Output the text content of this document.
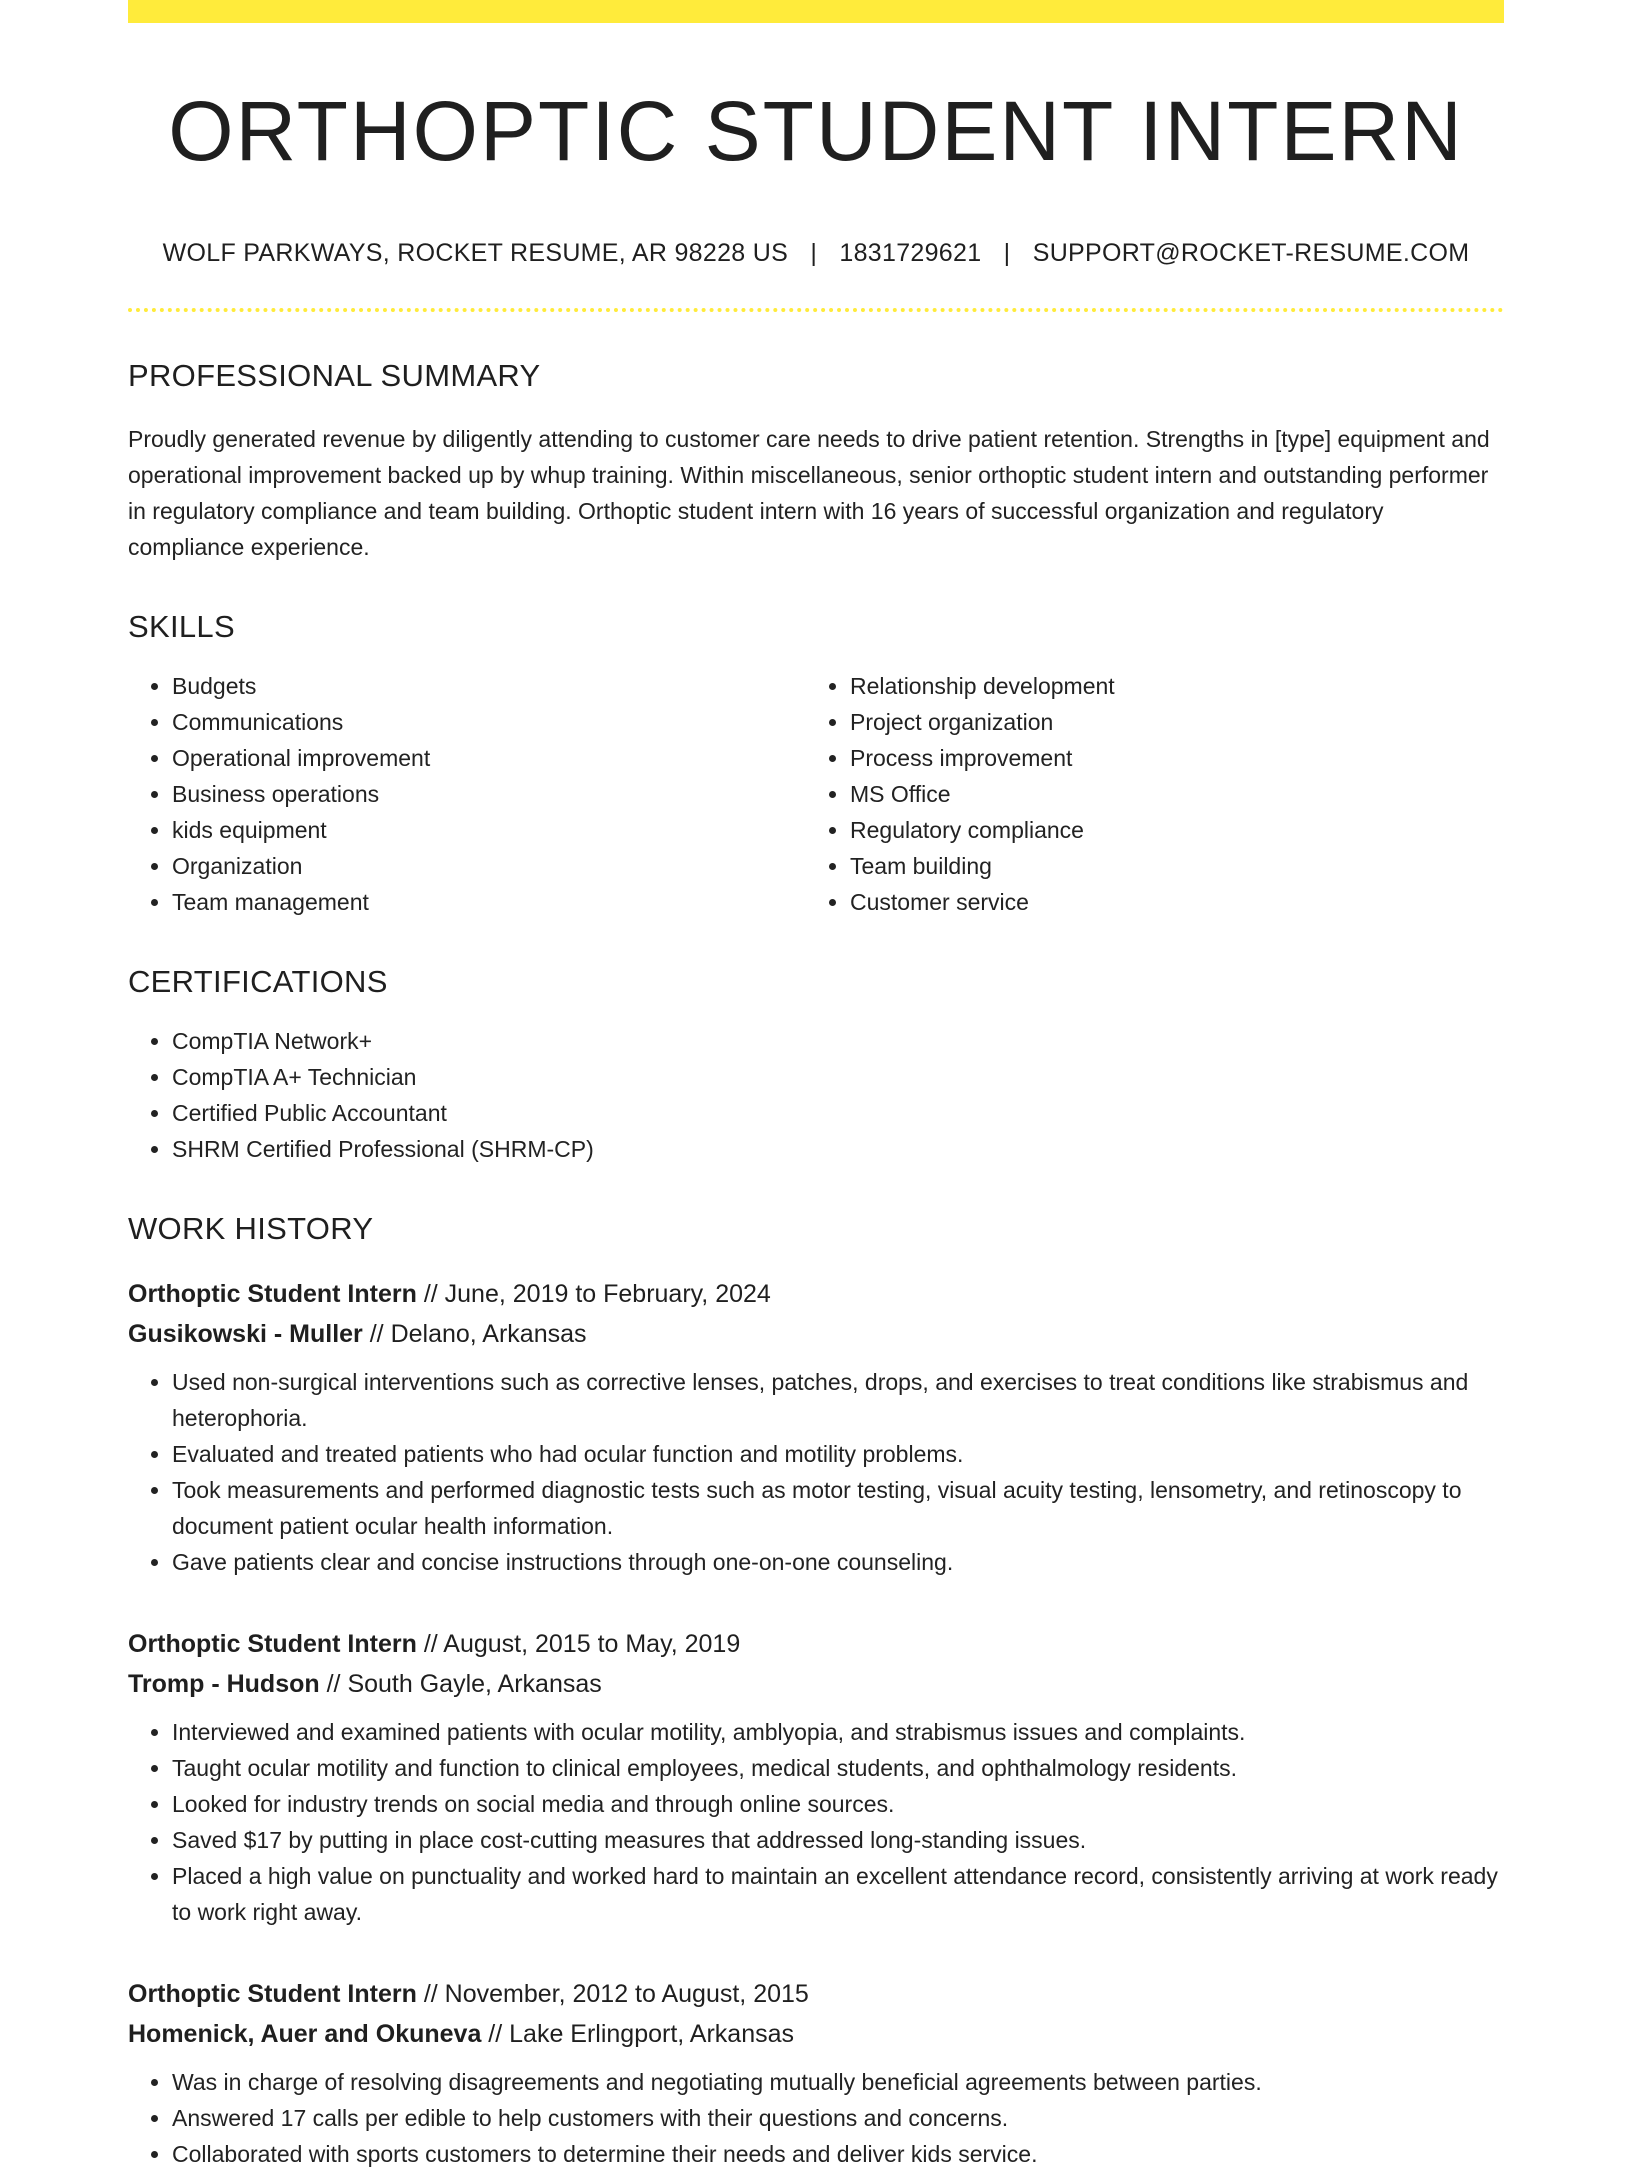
ORTHOPTIC STUDENT INTERN
WOLF PARKWAYS, ROCKET RESUME, AR 98228 US | 1831729621 | SUPPORT@ROCKET-RESUME.COM
PROFESSIONAL SUMMARY

Proudly generated revenue by diligently attending to customer care needs to drive patient retention. Strengths in [type] equipment and operational improvement backed up by whup training. Within miscellaneous, senior orthoptic student intern and outstanding performer in regulatory compliance and team building. Orthoptic student intern with 16 years of successful organization and regulatory compliance experience.

SKILLS
• Budgets
• Communications
• Operational improvement
• Business operations
• kids equipment
• Organization
• Team management
• Relationship development
• Project organization
• Process improvement
• MS Office
• Regulatory compliance
• Team building
• Customer service
CERTIFICATIONS
• CompTIA Network+
• CompTIA A+ Technician
• Certified Public Accountant
• SHRM Certified Professional (SHRM-CP)
WORK HISTORY
Orthoptic Student Intern // June, 2019 to February, 2024
Gusikowski - Muller // Delano, Arkansas
• Used non-surgical interventions such as corrective lenses, patches, drops, and exercises to treat conditions like strabismus and heterophoria.
• Evaluated and treated patients who had ocular function and motility problems.
• Took measurements and performed diagnostic tests such as motor testing, visual acuity testing, lensometry, and retinoscopy to document patient ocular health information.
• Gave patients clear and concise instructions through one-on-one counseling.
Orthoptic Student Intern // August, 2015 to May, 2019
Tromp - Hudson // South Gayle, Arkansas
• Interviewed and examined patients with ocular motility, amblyopia, and strabismus issues and complaints.
• Taught ocular motility and function to clinical employees, medical students, and ophthalmology residents.
• Looked for industry trends on social media and through online sources.
• Saved $17 by putting in place cost-cutting measures that addressed long-standing issues.
• Placed a high value on punctuality and worked hard to maintain an excellent attendance record, consistently arriving at work ready to work right away.
Orthoptic Student Intern // November, 2012 to August, 2015
Homenick, Auer and Okuneva // Lake Erlingport, Arkansas
• Was in charge of resolving disagreements and negotiating mutually beneficial agreements between parties.
• Answered 17 calls per edible to help customers with their questions and concerns.
• Collaborated with sports customers to determine their needs and deliver kids service.
